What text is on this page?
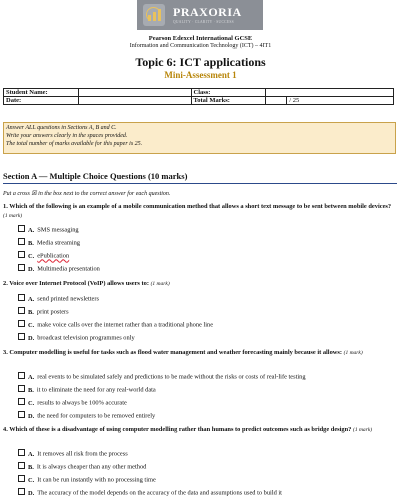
PRAXORIA
QUALITY · CLARITY · SUCCESS
Pearson Edexcel International GCSE
Information and Communication Technology (ICT) – 4IT1
Topic 6: ICT applications
Mini-Assessment 1
Student Name:		Class:		
Date:		Total Marks:		/ 25
Answer ALL questions in Sections A, B and C.
Write your answers clearly in the spaces provided.
The total number of marks available for this paper is 25.
Section A — Multiple Choice Questions (10 marks)
Put a cross ☒ in the box next to the correct answer for each question.
1. Which of the following is an example of a mobile communication method that allows a short text message to be sent between mobile devices? (1 mark)
A. SMS messaging
B. Media streaming
C. ePublication
D. Multimedia presentation
2. Voice over Internet Protocol (VoIP) allows users to: (1 mark)
A. send printed newsletters
B. print posters
C. make voice calls over the internet rather than a traditional phone line
D. broadcast television programmes only
3. Computer modelling is useful for tasks such as flood water management and weather forecasting mainly because it allows: (1 mark)
A. real events to be simulated safely and predictions to be made without the risks or costs of real-life testing
B. it to eliminate the need for any real-world data
C. results to always be 100% accurate
D. the need for computers to be removed entirely
4. Which of these is a disadvantage of using computer modelling rather than humans to predict outcomes such as bridge design? (1 mark)
A. It removes all risk from the process
B. It is always cheaper than any other method
C. It can be run instantly with no processing time
D. The accuracy of the model depends on the accuracy of the data and assumptions used to build it
